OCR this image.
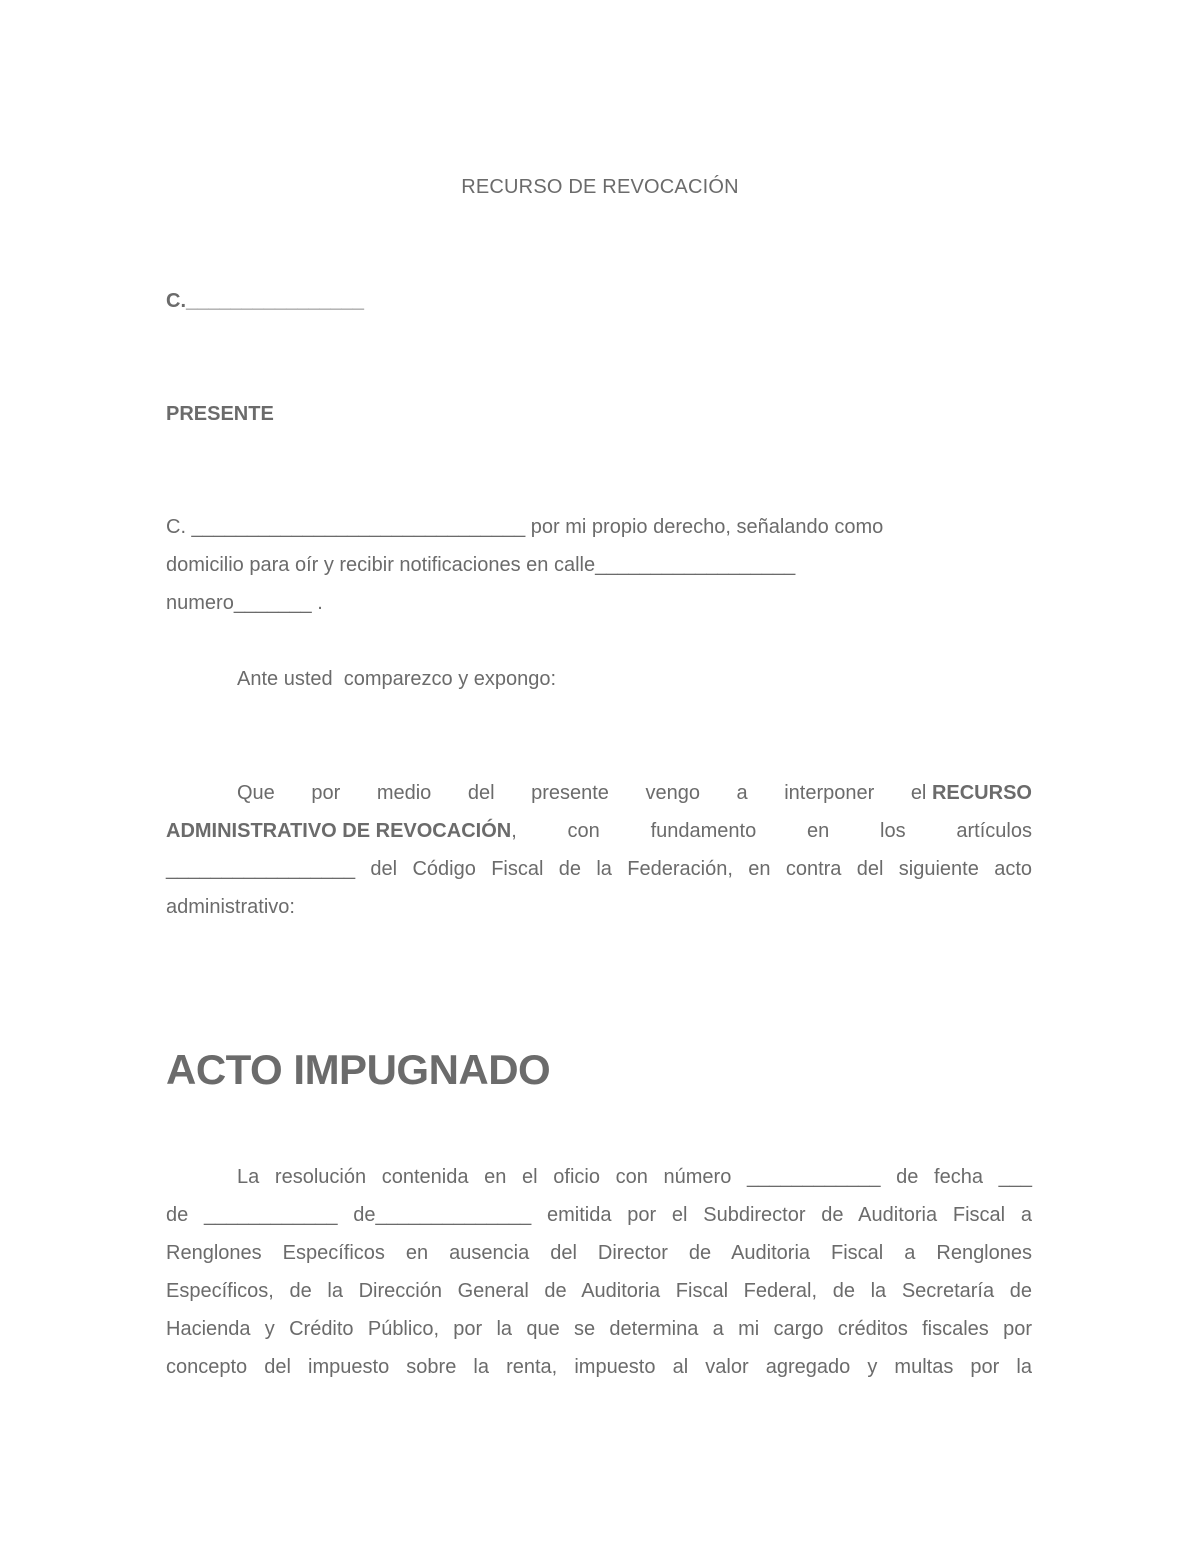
RECURSO DE REVOCACIÓN
C.________________
PRESENTE
C. ______________________________ por mi propio derecho, señalando como
domicilio para oír y recibir notificaciones en calle__________________
numero_______ .
Ante usted  comparezco y expongo:
Que por medio del presente vengo a interponer el RECURSO
ADMINISTRATIVO DE REVOCACIÓN,	con	fundamento	en	los	artículos
_________________ del Código Fiscal de la Federación, en contra del siguiente acto
administrativo:
ACTO IMPUGNADO
La resolución contenida en el oficio con número ____________ de fecha ___
de ____________ de______________ emitida por el Subdirector de Auditoria Fiscal a
Renglones Específicos en ausencia del Director de Auditoria Fiscal a Renglones
Específicos, de la Dirección General de Auditoria Fiscal Federal, de la Secretaría de
Hacienda y Crédito Público, por la que se determina a mi cargo créditos fiscales por
concepto del impuesto sobre la renta, impuesto al valor agregado y multas por la
